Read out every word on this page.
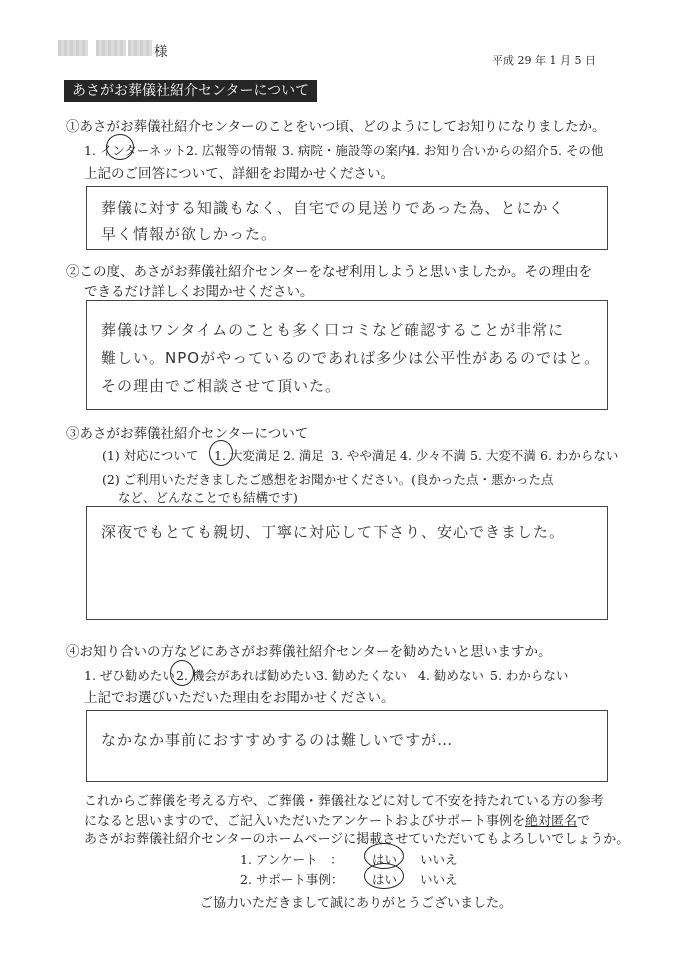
様
平成 29 年 1 月 5 日
あさがお葬儀社紹介センターについて
①あさがお葬儀社紹介センターのことをいつ頃、どのようにしてお知りになりましたか。
1. インターネット 2. 広報等の情報 3. 病院・施設等の案内
4. お知り合いからの紹介 5. その他
上記のご回答について、詳細をお聞かせください。
葬儀に対する知識もなく、自宅での見送りであった為、とにかく
早く情報が欲しかった。
②この度、あさがお葬儀社紹介センターをなぜ利用しようと思いましたか。その理由を
できるだけ詳しくお聞かせください。
葬儀はワンタイムのことも多く口コミなど確認することが非常に
難しい。NPOがやっているのであれば多少は公平性があるのではと。
その理由でご相談させて頂いた。
③あさがお葬儀社紹介センターについて
(1) 対応について 1. 大変満足 2. 満足 3. やや満足 4. 少々不満 5. 大変不満 6. わからない
(2) ご利用いただきましたご感想をお聞かせください。(良かった点・悪かった点
など、どんなことでも結構です)
深夜でもとても親切、丁寧に対応して下さり、安心できました。
④お知り合いの方などにあさがお葬儀社紹介センターを勧めたいと思いますか。
1. ぜひ勧めたい 2. 機会があれば勧めたい 3. 勧めたくない 4. 勧めない 5. わからない
上記でお選びいただいた理由をお聞かせください。
なかなか事前におすすめするのは難しいですが…
これからご葬儀を考える方や、ご葬儀・葬儀社などに対して不安を持たれている方の参考
になると思いますので、ご記入いただいたアンケートおよびサポート事例を絶対匿名で
あさがお葬儀社紹介センターのホームページに掲載させていただいてもよろしいでしょうか。
1. アンケート　： はい いいえ
2. サポート事例： はい いいえ
ご協力いただきまして誠にありがとうございました。
